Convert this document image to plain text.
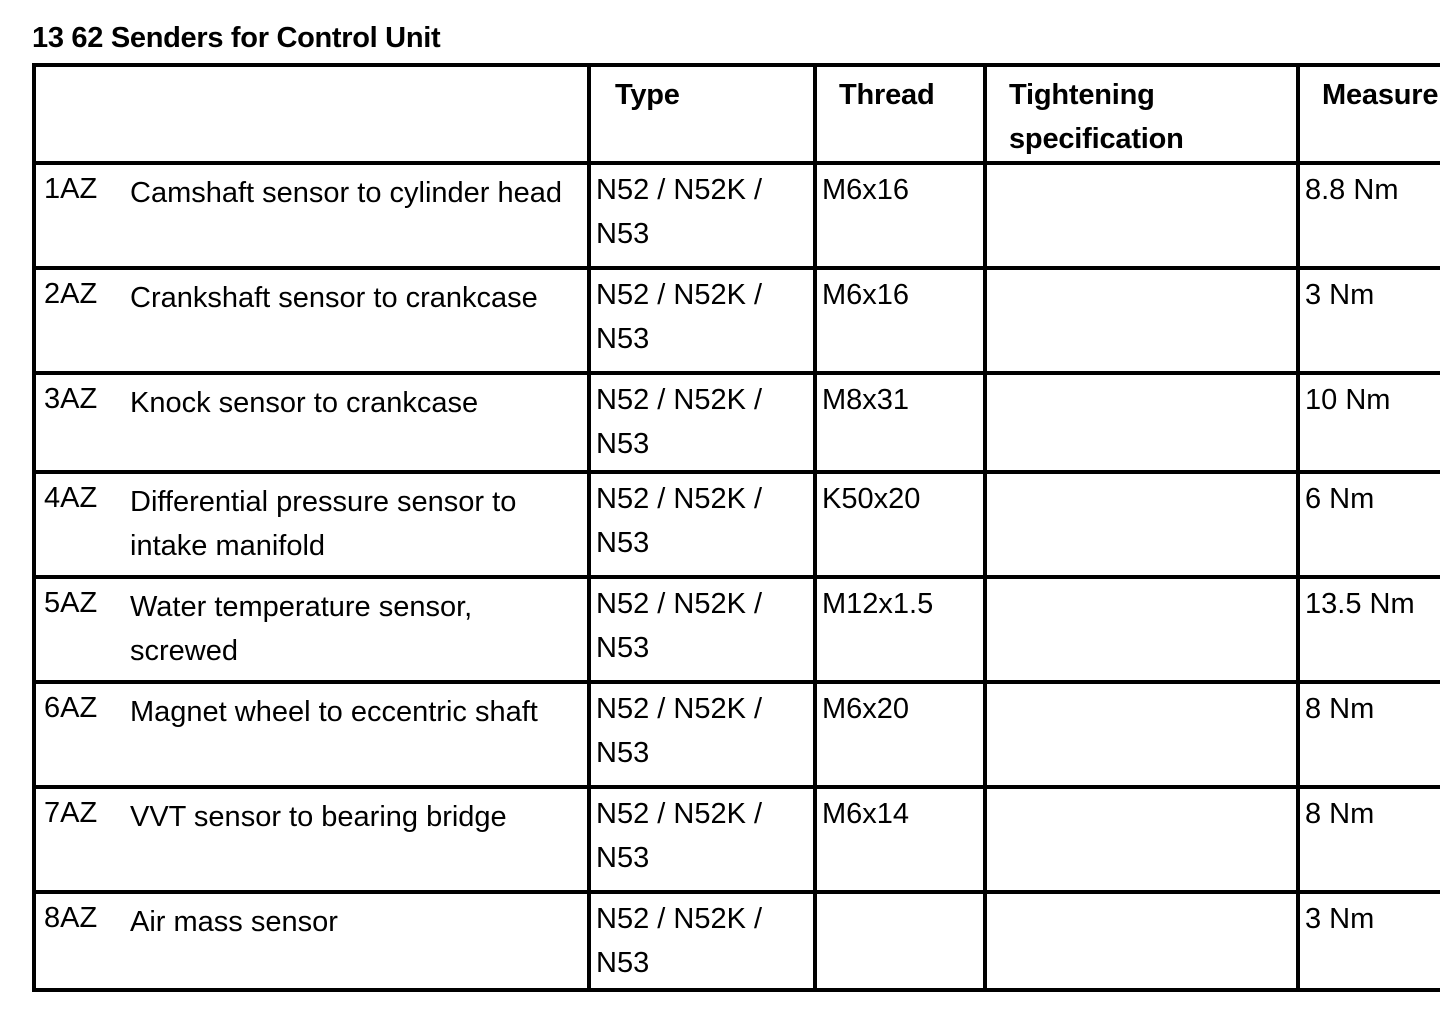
13 62 Senders for Control Unit
	Type	Thread	Tightening specification	Measure

1AZ Camshaft sensor to cylinder head	N52 / N52K / N53	M6x16		8.8 Nm

2AZ Crankshaft sensor to crankcase	N52 / N52K / N53	M6x16		3 Nm

3AZ Knock sensor to crankcase	N52 / N52K / N53	M8x31		10 Nm

4AZ Differential pressure sensor to intake manifold	N52 / N52K / N53	K50x20		6 Nm

5AZ Water temperature sensor, screwed	N52 / N52K / N53	M12x1.5		13.5 Nm

6AZ Magnet wheel to eccentric shaft	N52 / N52K / N53	M6x20		8 Nm

7AZ VVT sensor to bearing bridge	N52 / N52K / N53	M6x14		8 Nm

8AZ Air mass sensor	N52 / N52K / N53			3 Nm
